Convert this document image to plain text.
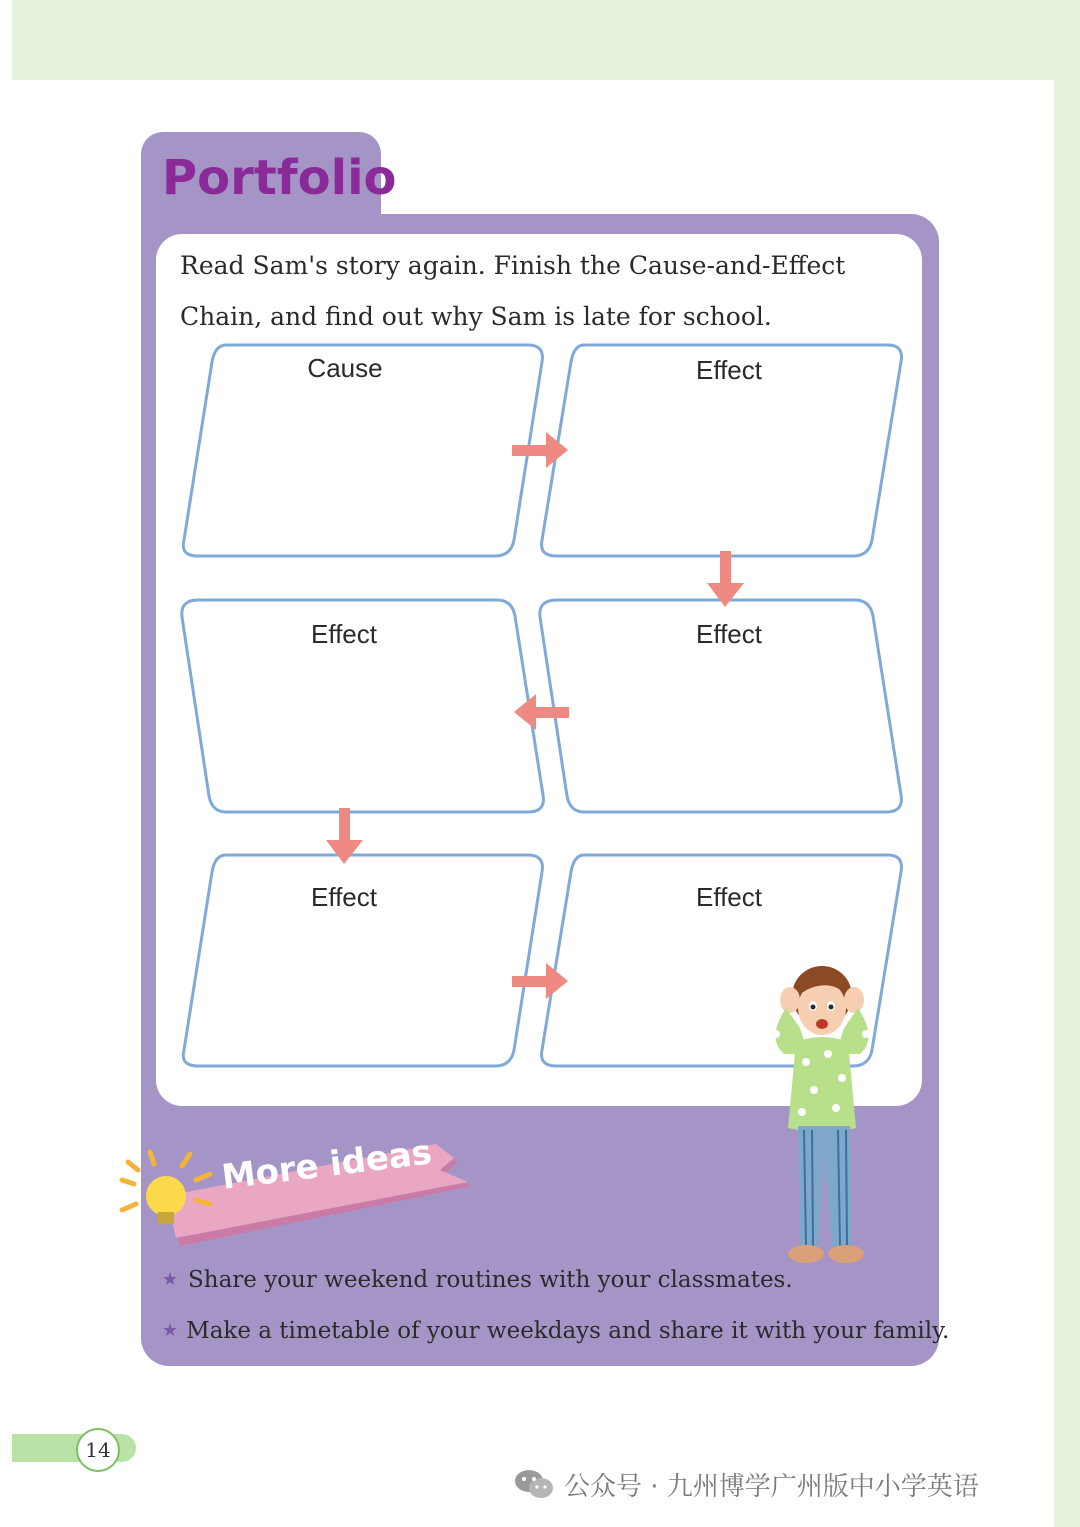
Portfolio
Read Sam's story again. Finish the Cause-and-Effect Chain, and find out why Sam is late for school.
Cause	Effect
Effect
Effect
Effect	Effect
More ideas
★ Share your weekend routines with your classmates.
★ Make a timetable of your weekdays and share it with your family.
14
公众号 · 九州博学广州版中小学英语
